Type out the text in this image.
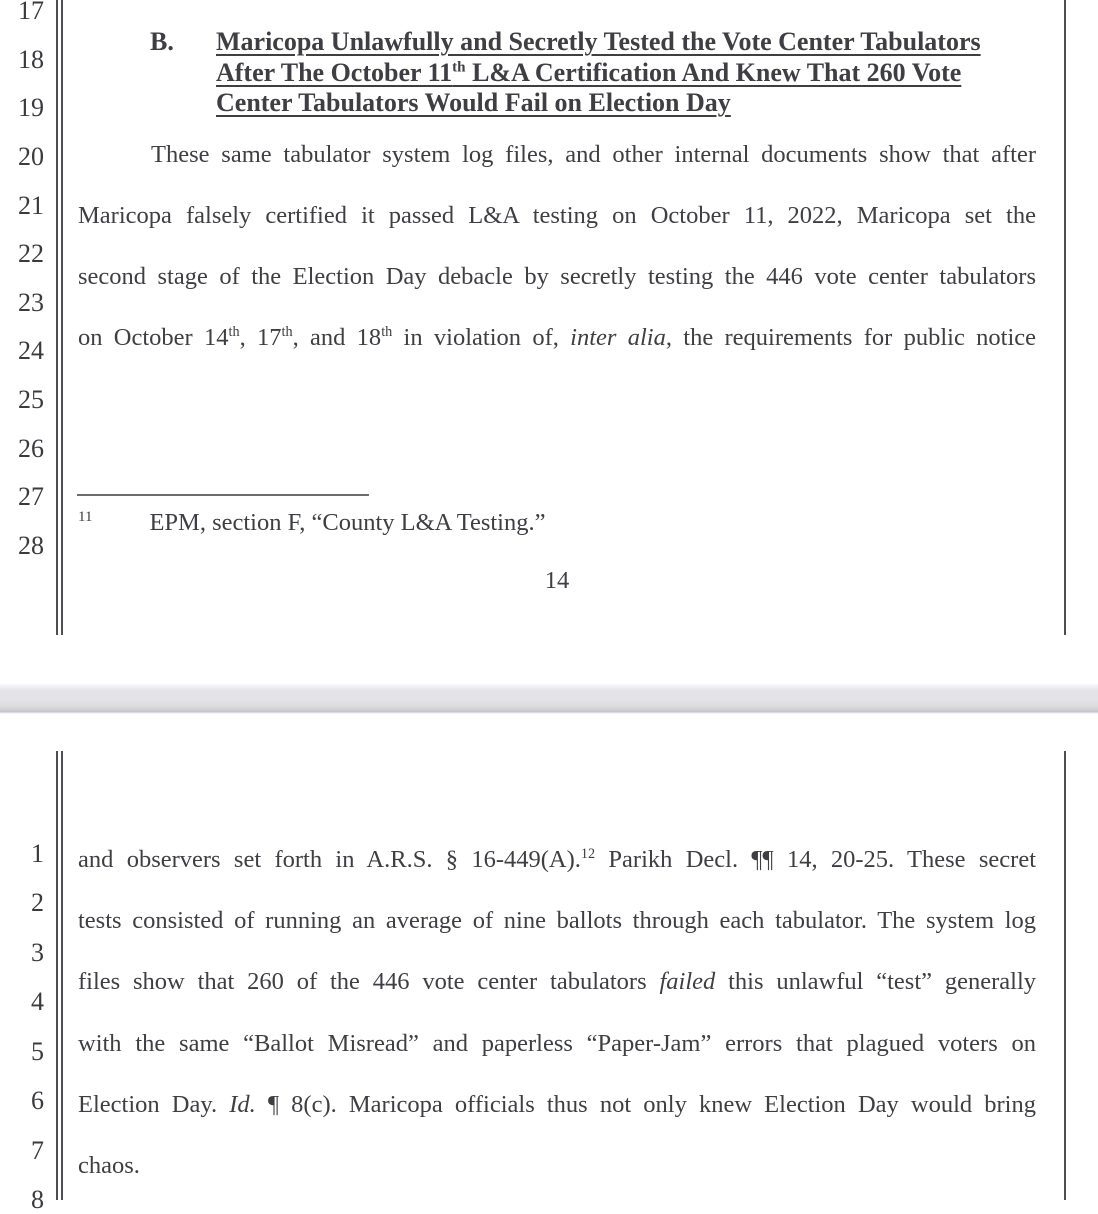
17
18
19
20
21
22
23
24
25
26
27
28
B. Maricopa Unlawfully and Secretly Tested the Vote Center Tabulators
After The October 11th L&A Certification And Knew That 260 Vote
Center Tabulators Would Fail on Election Day
These same tabulator system log files, and other internal documents show that after
Maricopa falsely certified it passed L&A testing on October 11, 2022, Maricopa set the
second stage of the Election Day debacle by secretly testing the 446 vote center tabulators
on October 14th, 17th, and 18th in violation of, inter alia, the requirements for public notice
$^{11}$ EPM, section F, “County L&A Testing.”
14
1
2
3
4
5
6
7
8
and observers set forth in A.R.S. § 16-449(A).$^{12}$ Parikh Decl. ¶¶ 14, 20-25. These secret
tests consisted of running an average of nine ballots through each tabulator. The system log
files show that 260 of the 446 vote center tabulators failed this unlawful “test” generally
with the same “Ballot Misread” and paperless “Paper-Jam” errors that plagued voters on
Election Day. Id. ¶ 8(c). Maricopa officials thus not only knew Election Day would bring
chaos.
